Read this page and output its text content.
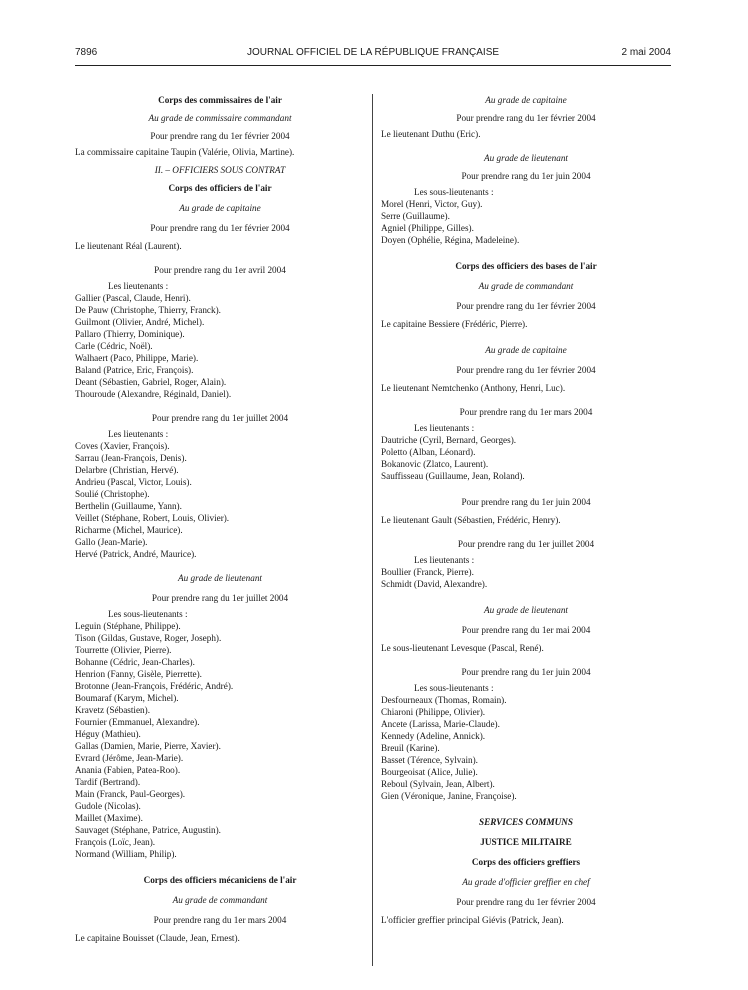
7896	JOURNAL OFFICIEL DE LA RÉPUBLIQUE FRANÇAISE	2 mai 2004
Corps des commissaires de l'air
Au grade de commissaire commandant
Pour prendre rang du 1er février 2004
La commissaire capitaine Taupin (Valérie, Olivia, Martine).
II. – OFFICIERS SOUS CONTRAT
Corps des officiers de l'air
Au grade de capitaine
Pour prendre rang du 1er février 2004
Le lieutenant Réal (Laurent).
Pour prendre rang du 1er avril 2004
Les lieutenants :
Gallier (Pascal, Claude, Henri).
De Pauw (Christophe, Thierry, Franck).
Guilmont (Olivier, André, Michel).
Pallaro (Thierry, Dominique).
Carle (Cédric, Noël).
Walhaert (Paco, Philippe, Marie).
Baland (Patrice, Eric, François).
Deant (Sébastien, Gabriel, Roger, Alain).
Thouroude (Alexandre, Réginald, Daniel).
Pour prendre rang du 1er juillet 2004
Les lieutenants :
Coves (Xavier, François).
Sarrau (Jean-François, Denis).
Delarbre (Christian, Hervé).
Andrieu (Pascal, Victor, Louis).
Soulié (Christophe).
Berthelin (Guillaume, Yann).
Veillet (Stéphane, Robert, Louis, Olivier).
Richarme (Michel, Maurice).
Gallo (Jean-Marie).
Hervé (Patrick, André, Maurice).
Au grade de lieutenant
Pour prendre rang du 1er juillet 2004
Les sous-lieutenants :
Leguin (Stéphane, Philippe).
Tison (Gildas, Gustave, Roger, Joseph).
Tourrette (Olivier, Pierre).
Bohanne (Cédric, Jean-Charles).
Henrion (Fanny, Gisèle, Pierrette).
Brotonne (Jean-François, Frédéric, André).
Boumaraf (Karym, Michel).
Kravetz (Sébastien).
Fournier (Emmanuel, Alexandre).
Héguy (Mathieu).
Gallas (Damien, Marie, Pierre, Xavier).
Evrard (Jérôme, Jean-Marie).
Anania (Fabien, Patea-Roo).
Tardif (Bertrand).
Main (Franck, Paul-Georges).
Gudole (Nicolas).
Maillet (Maxime).
Sauvaget (Stéphane, Patrice, Augustin).
François (Loïc, Jean).
Normand (William, Philip).
Corps des officiers mécaniciens de l'air
Au grade de commandant
Pour prendre rang du 1er mars 2004
Le capitaine Bouisset (Claude, Jean, Ernest).
Au grade de capitaine
Pour prendre rang du 1er février 2004
Le lieutenant Duthu (Eric).
Au grade de lieutenant
Pour prendre rang du 1er juin 2004
Les sous-lieutenants :
Morel (Henri, Victor, Guy).
Serre (Guillaume).
Agniel (Philippe, Gilles).
Doyen (Ophélie, Régina, Madeleine).
Corps des officiers des bases de l'air
Au grade de commandant
Pour prendre rang du 1er février 2004
Le capitaine Bessiere (Frédéric, Pierre).
Au grade de capitaine
Pour prendre rang du 1er février 2004
Le lieutenant Nemtchenko (Anthony, Henri, Luc).
Pour prendre rang du 1er mars 2004
Les lieutenants :
Dautriche (Cyril, Bernard, Georges).
Poletto (Alban, Léonard).
Bokanovic (Zlatco, Laurent).
Sauffisseau (Guillaume, Jean, Roland).
Pour prendre rang du 1er juin 2004
Le lieutenant Gault (Sébastien, Frédéric, Henry).
Pour prendre rang du 1er juillet 2004
Les lieutenants :
Boullier (Franck, Pierre).
Schmidt (David, Alexandre).
Au grade de lieutenant
Pour prendre rang du 1er mai 2004
Le sous-lieutenant Levesque (Pascal, René).
Pour prendre rang du 1er juin 2004
Les sous-lieutenants :
Desfourneaux (Thomas, Romain).
Chiaroni (Philippe, Olivier).
Ancete (Larissa, Marie-Claude).
Kennedy (Adeline, Annick).
Breuil (Karine).
Basset (Térence, Sylvain).
Bourgeoisat (Alice, Julie).
Reboul (Sylvain, Jean, Albert).
Gien (Véronique, Janine, Françoise).
SERVICES COMMUNS
JUSTICE MILITAIRE
Corps des officiers greffiers
Au grade d'officier greffier en chef
Pour prendre rang du 1er février 2004
L'officier greffier principal Giévis (Patrick, Jean).
